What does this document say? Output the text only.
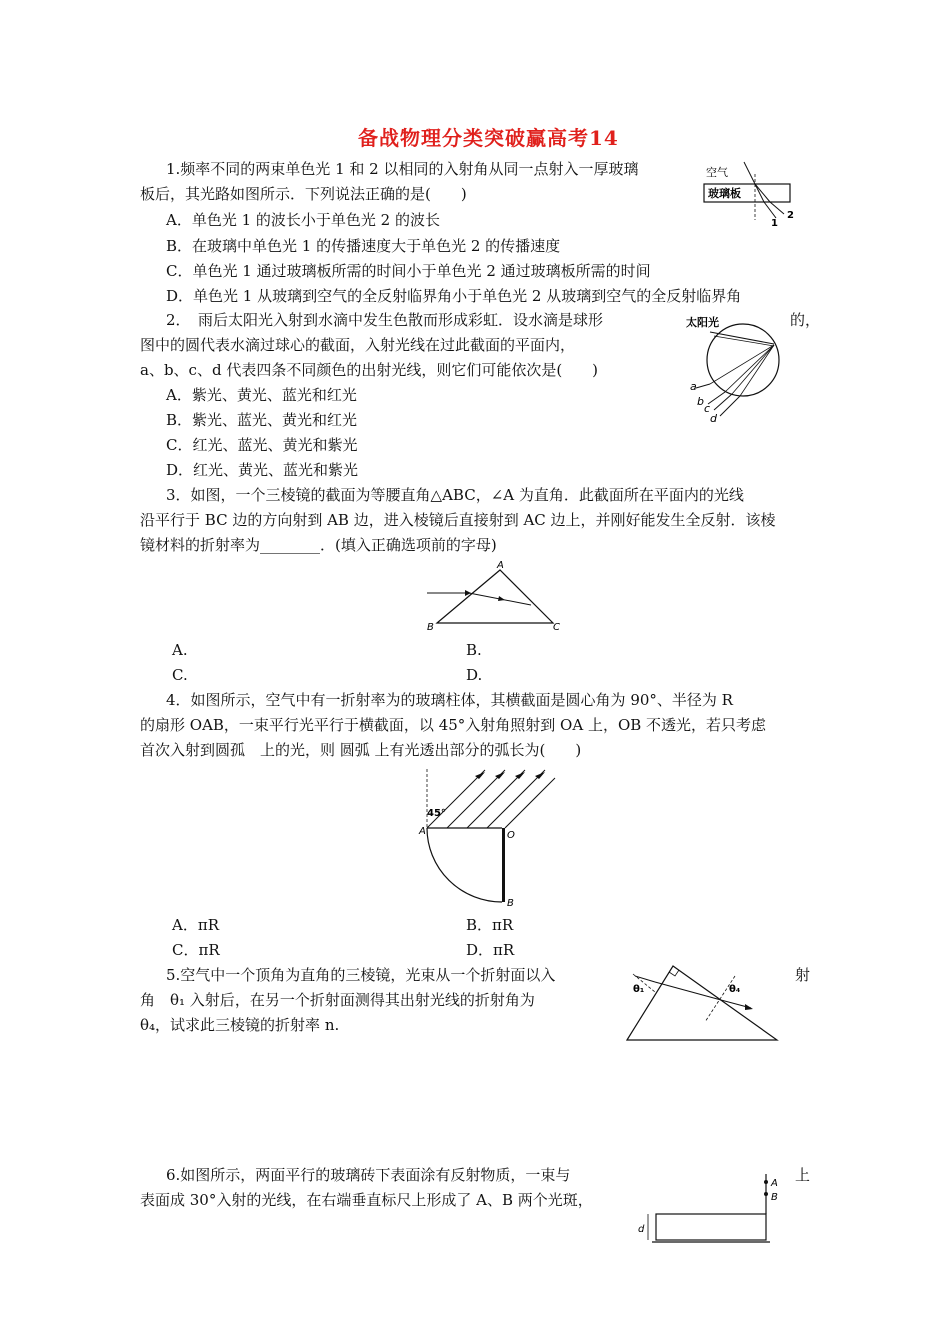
备战物理分类突破赢高考14
1.频率不同的两束单色光 1 和 2 以相同的入射角从同一点射入一厚玻璃
板后，其光路如图所示．下列说法正确的是(　　)
A．单色光 1 的波长小于单色光 2 的波长
B．在玻璃中单色光 1 的传播速度大于单色光 2 的传播速度
C．单色光 1 通过玻璃板所需的时间小于单色光 2 通过玻璃板所需的时间
D．单色光 1 从玻璃到空气的全反射临界角小于单色光 2 从玻璃到空气的全反射临界角
空气
玻璃板
1
2
2．　雨后太阳光入射到水滴中发生色散而形成彩虹．设水滴是球形	的，
图中的圆代表水滴过球心的截面，入射光线在过此截面的平面内，
a、b、c、d 代表四条不同颜色的出射光线，则它们可能依次是(　　)
A．紫光、黄光、蓝光和红光
B．紫光、蓝光、黄光和红光
C．红光、蓝光、黄光和紫光
D．红光、黄光、蓝光和紫光
太阳光
a
b
c
d
3．如图，一个三棱镜的截面为等腰直角△ABC，∠A 为直角．此截面所在平面内的光线
沿平行于 BC 边的方向射到 AB 边，进入棱镜后直接射到 AC 边上，并刚好能发生全反射．该棱
镜材料的折射率为________．(填入正确选项前的字母)
A
B	C
A.	B.
C.	D.
4．如图所示，空气中有一折射率为的玻璃柱体，其横截面是圆心角为 90°、半径为 R
的扇形 OAB，一束平行光平行于横截面，以 45°入射角照射到 OA 上，OB 不透光，若只考虑
首次入射到圆孤　上的光，则 圆弧 上有光透出部分的弧长为(　　)
45°
A	O
B
A．πR	B．πR
C．πR	D．πR
5.空气中一个顶角为直角的三棱镜，光束从一个折射面以入	射
角　θ₁ 入射后，在另一个折射面测得其出射光线的折射角为
θ₄，试求此三棱镜的折射率 n.
θ₁	θ₄
6.如图所示，两面平行的玻璃砖下表面涂有反射物质，一束与	上
表面成 30°入射的光线，在右端垂直标尺上形成了 A、B 两个光斑，
A
B
d
